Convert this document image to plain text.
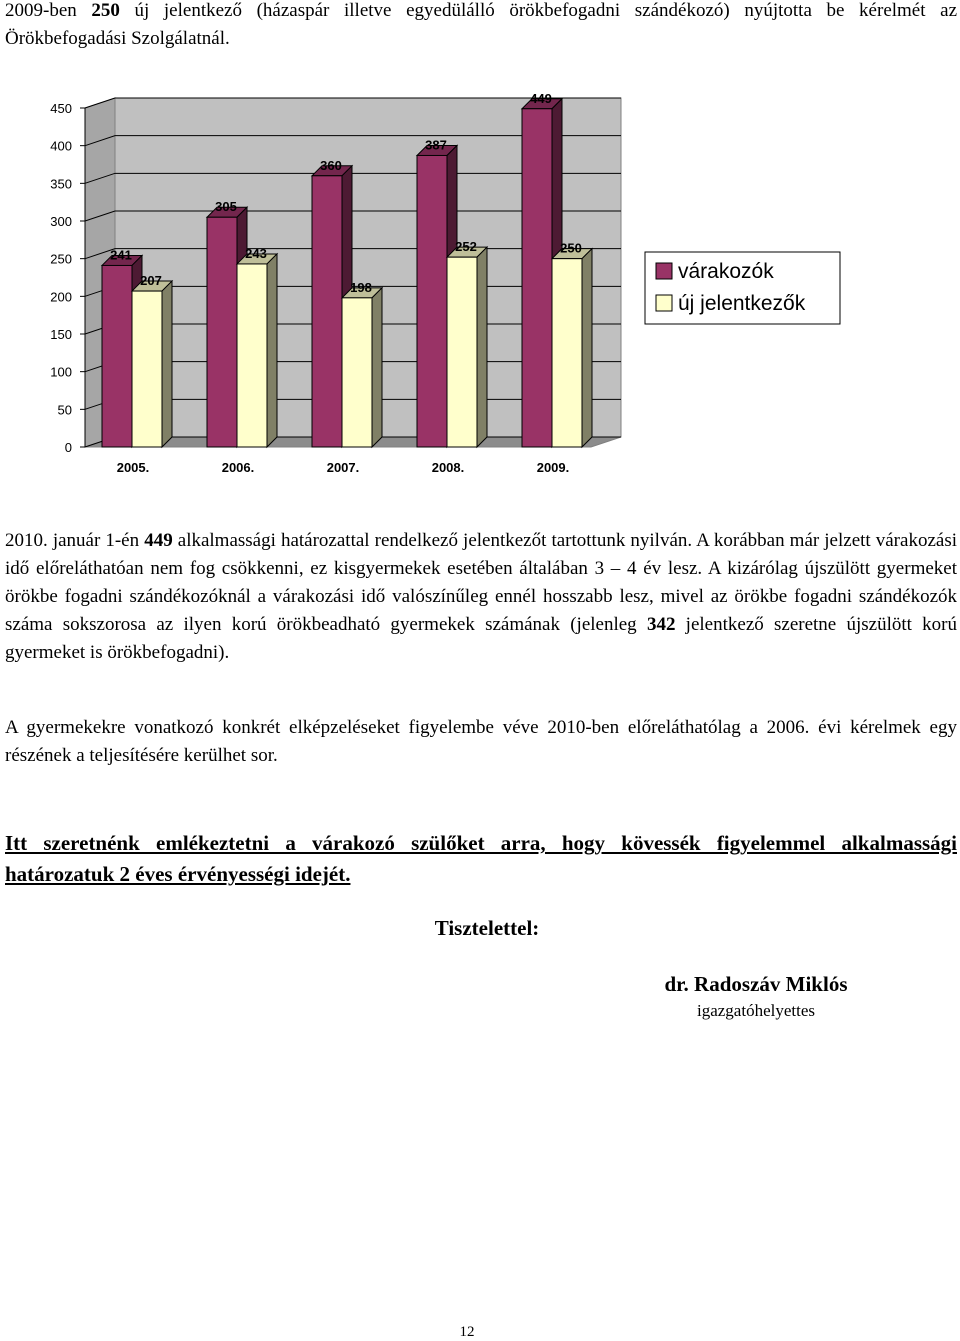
2009-ben 250 új jelentkező (házaspár illetve egyedülálló örökbefogadni szándékozó) nyújtotta be kérelmét az Örökbefogadási Szolgálatnál.

0
50
100
150
200
250
300
350
400
450
241
207
2005.
305
243
2006.
360
198
2007.
387
252
2008.
449
250
2009.
várakozók
új jelentkezők

2010. január 1-én 449 alkalmassági határozattal rendelkező jelentkezőt tartottunk nyilván. A korábban már jelzett várakozási idő előreláthatóan nem fog csökkenni, ez kisgyermekek esetében általában 3 – 4 év lesz. A kizárólag újszülött gyermeket örökbe fogadni szándékozóknál a várakozási idő valószínűleg ennél hosszabb lesz, mivel az örökbe fogadni szándékozók száma sokszorosa az ilyen korú örökbeadható gyermekek számának (jelenleg 342 jelentkező szeretne újszülött korú gyermeket is örökbefogadni).

A gyermekekre vonatkozó konkrét elképzeléseket figyelembe véve 2010-ben előreláthatólag a 2006. évi kérelmek egy részének a teljesítésére kerülhet sor.

Itt szeretnénk emlékeztetni a várakozó szülőket arra, hogy kövessék figyelemmel alkalmassági határozatuk 2 éves érvényességi idejét.

Tisztelettel:

dr. Radoszáv Miklós

igazgatóhelyettes

12
